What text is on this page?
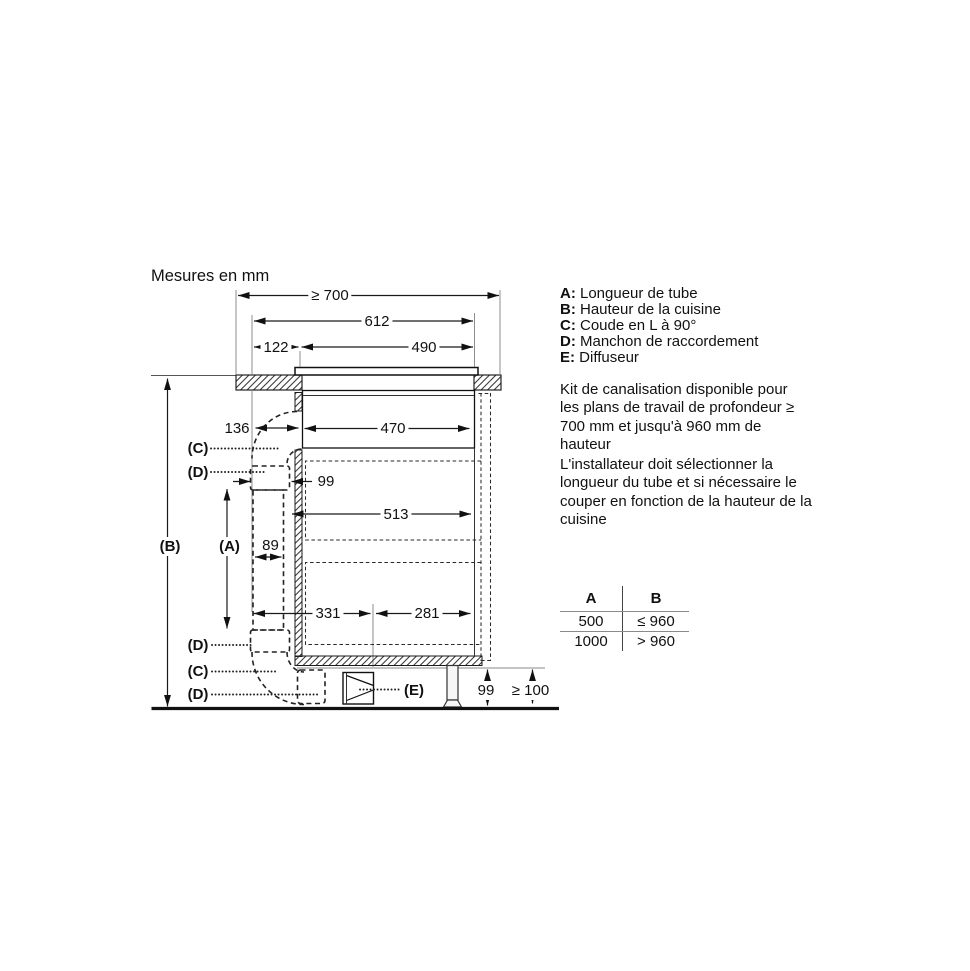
Mesures en mm
≥ 700
612
122	490
136	470
99
513
89
331	281
99 ≥ 100
(A)
(B)
(C)
(D)
(D)
(C)
(D)	(E)
A: Longueur de tube
B: Hauteur de la cuisine
C: Coude en L à 90°
D: Manchon de raccordement
E: Diffuseur
Kit de canalisation disponible pour les plans de travail de profondeur ≥ 700 mm et jusqu'à 960 mm de hauteur
L'installateur doit sélectionner la longueur du tube et si nécessaire le couper en fonction de la hauteur de la cuisine
A	B
500	≤ 960
1000	> 960
